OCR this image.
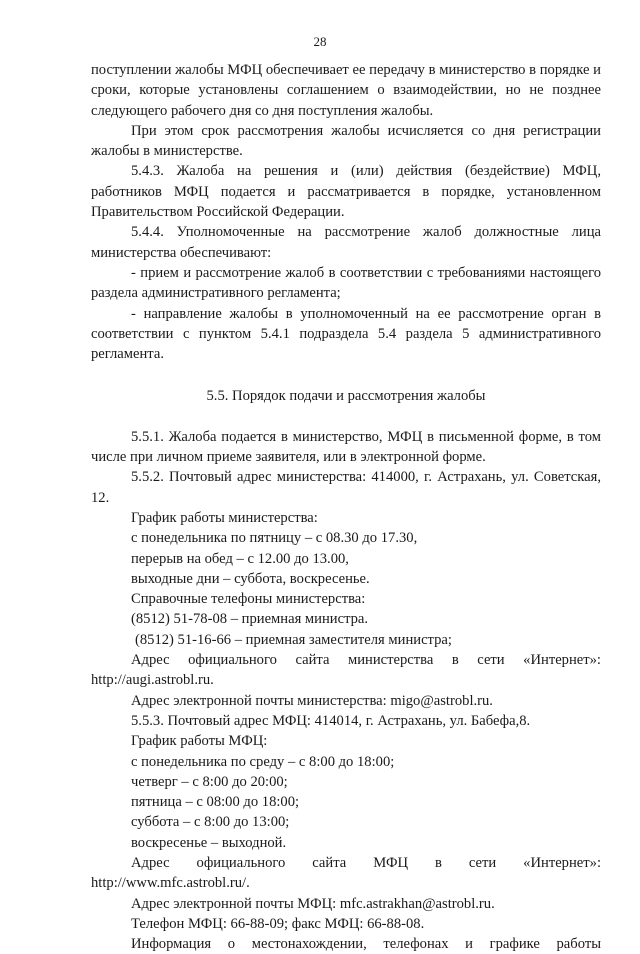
28

поступлении жалобы МФЦ обеспечивает ее передачу в министерство в порядке и сроки, которые установлены соглашением о взаимодействии, но не позднее следующего рабочего дня со дня поступления жалобы.

При этом срок рассмотрения жалобы исчисляется со дня регистрации жалобы в министерстве.

5.4.3. Жалоба на решения и (или) действия (бездействие) МФЦ, работников МФЦ подается и рассматривается в порядке, установленном Правительством Российской Федерации.

5.4.4. Уполномоченные на рассмотрение жалоб должностные лица министерства обеспечивают:

- прием и рассмотрение жалоб в соответствии с требованиями настоящего раздела административного регламента;

- направление жалобы в уполномоченный на ее рассмотрение орган в соответствии с пунктом 5.4.1 подраздела 5.4 раздела 5 административного регламента.

5.5. Порядок подачи и рассмотрения жалобы

5.5.1. Жалоба подается в министерство, МФЦ в письменной форме, в том числе при личном приеме заявителя, или в электронной форме.

5.5.2. Почтовый адрес министерства: 414000, г. Астрахань, ул. Советская, 12.

График работы министерства:

с понедельника по пятницу – с 08.30 до 17.30,

перерыв на обед – с 12.00 до 13.00,

выходные дни – суббота, воскресенье.

Справочные телефоны министерства:

(8512) 51-78-08 – приемная министра.

(8512) 51-16-66 – приемная заместителя министра;

Адрес официального сайта министерства в сети «Интернет»: http://augi.astrobl.ru.

Адрес электронной почты министерства: migo@astrobl.ru.

5.5.3. Почтовый адрес МФЦ: 414014, г. Астрахань, ул. Бабефа,8.

График работы МФЦ:

с понедельника по среду – с 8:00 до 18:00;

четверг – с 8:00 до 20:00;

пятница – с 08:00 до 18:00;

суббота – с 8:00 до 13:00;

воскресенье – выходной.

Адрес официального сайта МФЦ в сети «Интернет»: http://www.mfc.astrobl.ru/.

Адрес электронной почты МФЦ: mfc.astrakhan@astrobl.ru.

Телефон МФЦ: 66-88-09; факс МФЦ: 66-88-08.

Информация о местонахождении, телефонах и графике работы
